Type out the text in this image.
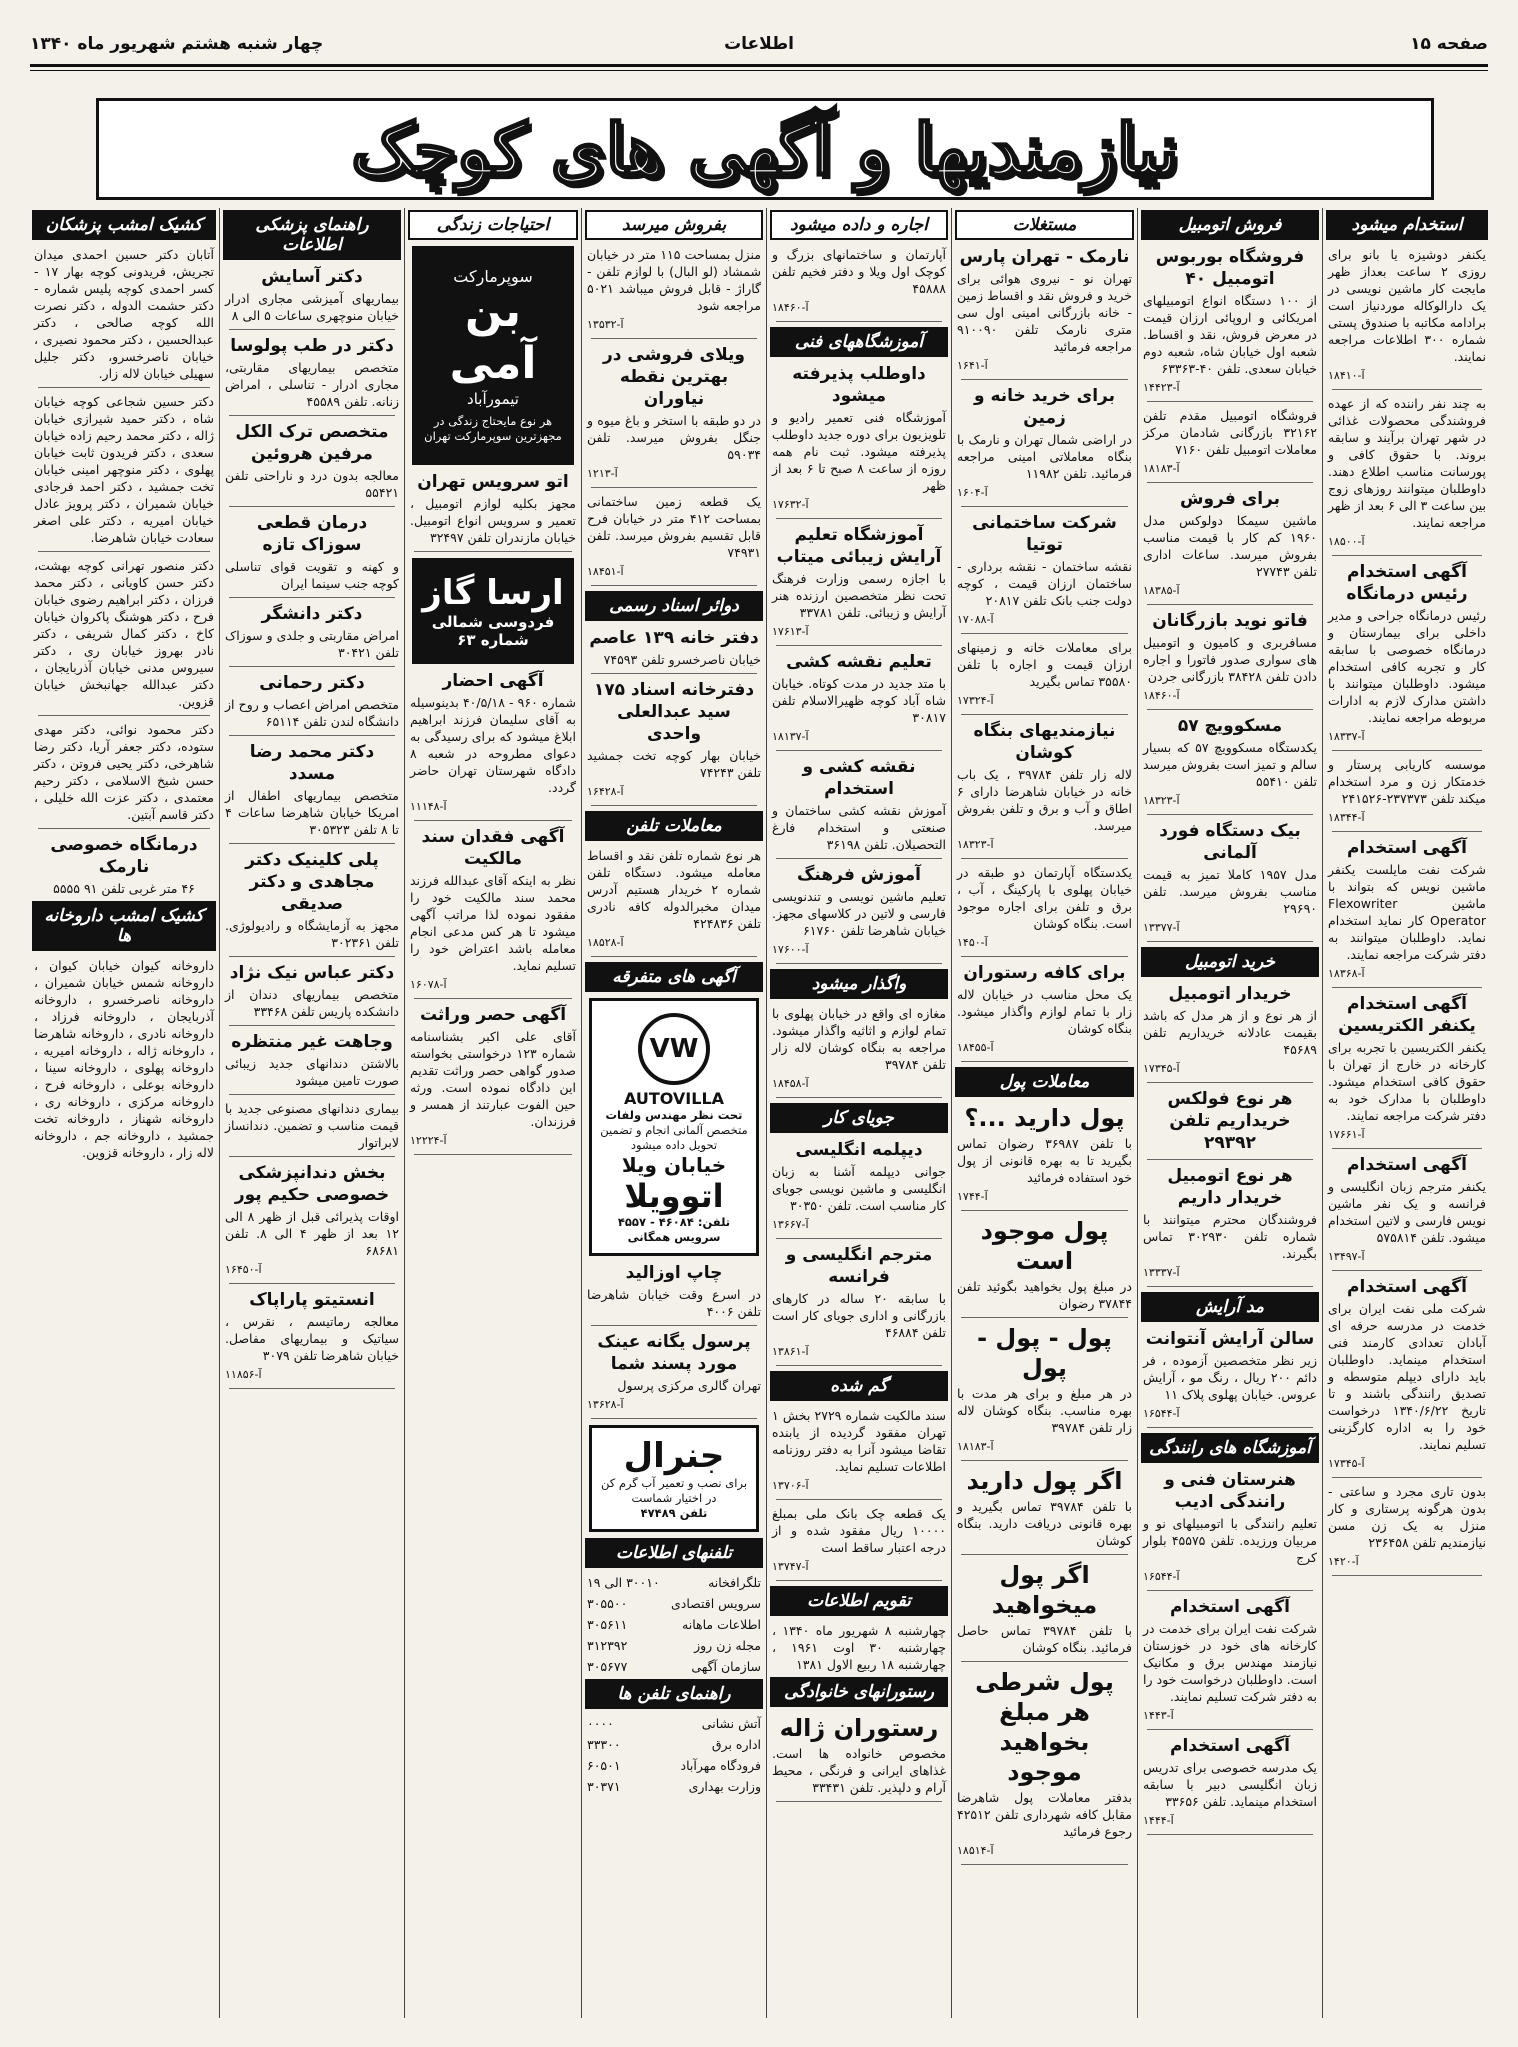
صفحه ۱۵
اطلاعات
چهار شنبه هشتم شهریور ماه ۱۳۴۰
نیازمندیها و آگهی های کوچک
استخدام میشود

یکنفر دوشیزه یا بانو برای روزی ۲ ساعت بعداز ظهر مایجت کار ماشین نویسی در یک دارالوکاله موردنیاز است برادامه مکاتبه با صندوق پستی شماره ۳۰۰ اطلاعات مراجعه نمایند.

آ-۱۸۴۱۰

به چند نفر راننده که از عهده فروشندگی محصولات غذائی در شهر تهران برآیند و سابقه بروند. با حقوق کافی و پورسانت مناسب اطلاع دهند. داوطلبان میتوانند روزهای زوج بین ساعت ۳ الی ۶ بعد از ظهر مراجعه نمایند.

آ-۱۸۵۰۰
آگهی استخدام رئیس درمانگاه

رئیس درمانگاه جراحی و مدیر داخلی برای بیمارستان و درمانگاه خصوصی با سابقه کار و تجربه کافی استخدام میشود. داوطلبان میتوانند با داشتن مدارک لازم به ادارات مربوطه مراجعه نمایند.

آ-۱۸۳۳۷

موسسه کاریابی پرستار و خدمتکار زن و مرد استخدام میکند تلفن ۲۳۷۳۷۳-۲۴۱۵۲۶

آ-۱۸۳۴۴
آگهی استخدام

شرکت نفت مایلست یکنفر ماشین نویس که بتواند با ماشین Flexowriter Operator کار نماید استخدام نماید. داوطلبان میتوانند به دفتر شرکت مراجعه نمایند.

آ-۱۸۳۶۸
آگهی استخدام یکنفر الکتریسین

یکنفر الکتریسین با تجربه برای کارخانه در خارج از تهران با حقوق کافی استخدام میشود. داوطلبان با مدارک خود به دفتر شرکت مراجعه نمایند.

آ-۱۷۶۶۱
آگهی استخدام

یکنفر مترجم زبان انگلیسی و فرانسه و یک نفر ماشین نویس فارسی و لاتین استخدام میشود. تلفن ۵۷۵۸۱۴

آ-۱۳۴۹۷
آگهی استخدام

شرکت ملی نفت ایران برای خدمت در مدرسه حرفه ای آبادان تعدادی کارمند فنی استخدام مینماید. داوطلبان باید دارای دیپلم متوسطه و تصدیق رانندگی باشند و تا تاریخ ۱۳۴۰/۶/۲۲ درخواست خود را به اداره کارگزینی تسلیم نمایند.

آ-۱۷۳۴۵

بدون تاری مجرد و ساعتی - بدون هرگونه پرستاری و کار منزل به یک زن مسن نیازمندیم تلفن ۲۳۶۴۵۸

آ-۱۴۲۰
فروش اتومبیل
فروشگاه بوربوس اتومبیل ۴۰

از ۱۰۰ دستگاه انواع اتومبیلهای امریکائی و اروپائی ارزان قیمت در معرض فروش، نقد و اقساط. شعبه اول خیابان شاه، شعبه دوم خیابان سعدی. تلفن ۴۰-۶۳۳۶۳

آ-۱۴۴۲۳

فروشگاه اتومبیل مقدم تلفن ۳۲۱۶۲ بازرگانی شادمان مرکز معاملات اتومبیل تلفن ۷۱۶۰

آ-۱۸۱۸۳
برای فروش

ماشین سیمکا دولوکس مدل ۱۹۶۰ کم کار با قیمت مناسب بفروش میرسد. ساعات اداری تلفن ۲۷۷۴۳

آ-۱۸۳۸۵
فاتو نوید بازرگانان

مسافربری و کامیون و اتومبیل های سواری صدور فاتورا و اجاره دادن تلفن ۳۸۴۲۸ بازرگانی جردن

آ-۱۸۴۶۰
مسکوویچ ۵۷

یکدستگاه مسکوویچ ۵۷ که بسیار سالم و تمیز است بفروش میرسد تلفن ۵۵۴۱۰

آ-۱۸۳۲۳
بیک دستگاه فورد آلمانی

مدل ۱۹۵۷ کاملا تمیز به قیمت مناسب بفروش میرسد. تلفن ۲۹۶۹۰

آ-۱۳۳۷۷
خرید اتومبیل
خریدار اتومبیل

از هر نوع و از هر مدل که باشد بقیمت عادلانه خریداریم تلفن ۴۵۶۸۹

آ-۱۷۳۴۵
هر نوع فولکس خریداریم تلفن ۲۹۳۹۲

هر نوع اتومبیل خریدار داریم

فروشندگان محترم میتوانند با شماره تلفن ۳۰۲۹۳۰ تماس بگیرند.

آ-۱۳۳۳۷
مد آرایش
سالن آرایش آنتوانت

زیر نظر متخصصین آزموده ، فر دائم ۲۰۰ ریال ، رنگ مو ، آرایش عروس. خیابان پهلوی پلاک ۱۱

آ-۱۶۵۴۴
آموزشگاه های رانندگی
هنرستان فنی و رانندگی ادیب

تعلیم رانندگی با اتومبیلهای نو و مربیان ورزیده. تلفن ۴۵۵۷۵ بلوار کرج

آ-۱۶۵۴۴
آگهی استخدام

شرکت نفت ایران برای خدمت در کارخانه های خود در خوزستان نیازمند مهندس برق و مکانیک است. داوطلبان درخواست خود را به دفتر شرکت تسلیم نمایند.

آ-۱۴۴۳
آگهی استخدام

یک مدرسه خصوصی برای تدریس زبان انگلیسی دبیر با سابقه استخدام مینماید. تلفن ۳۳۶۵۶

آ-۱۴۴۴
مستغلات
نارمک - تهران پارس

تهران نو - نیروی هوائی برای خرید و فروش نقد و اقساط زمین - خانه بازرگانی امینی اول سی متری نارمک تلفن ۹۱۰۰۹۰ مراجعه فرمائید

آ-۱۶۴۱
برای خرید خانه و زمین

در اراضی شمال تهران و نارمک با بنگاه معاملاتی امینی مراجعه فرمائید. تلفن ۱۱۹۸۲

آ-۱۶۰۴
شرکت ساختمانی توتیا

نقشه ساختمان - نقشه برداری - ساختمان ارزان قیمت ، کوچه دولت جنب بانک تلفن ۲۰۸۱۷

آ-۱۷۰۸۸

برای معاملات خانه و زمینهای ارزان قیمت و اجاره با تلفن ۳۵۵۸۰ تماس بگیرید

آ-۱۷۳۲۴
نیازمندیهای بنگاه کوشان

لاله زار تلفن ۳۹۷۸۴ ، یک باب خانه در خیابان شاهرضا دارای ۶ اطاق و آب و برق و تلفن بفروش میرسد.

آ-۱۸۳۲۳

یکدستگاه آپارتمان دو طبقه در خیابان پهلوی با پارکینگ ، آب ، برق و تلفن برای اجاره موجود است. بنگاه کوشان

آ-۱۴۵۰
برای کافه رستوران

یک محل مناسب در خیابان لاله زار با تمام لوازم واگذار میشود. بنگاه کوشان

آ-۱۸۴۵۵
معاملات پول
پول دارید ...؟

با تلفن ۳۶۹۸۷ رضوان تماس بگیرید تا به بهره قانونی از پول خود استفاده فرمائید

آ-۱۷۴۴
پول موجود است

در مبلغ پول بخواهید بگوئید تلفن ۳۷۸۴۴ رضوان

پول - پول - پول

در هر مبلغ و برای هر مدت با بهره مناسب. بنگاه کوشان لاله زار تلفن ۳۹۷۸۴

آ-۱۸۱۸۳
اگر پول دارید

با تلفن ۳۹۷۸۴ تماس بگیرید و بهره قانونی دریافت دارید. بنگاه کوشان

اگر پول میخواهید

با تلفن ۳۹۷۸۴ تماس حاصل فرمائید. بنگاه کوشان

پول شرطی هر مبلغ بخواهید موجود

بدفتر معاملات پول شاهرضا مقابل کافه شهرداری تلفن ۴۲۵۱۲ رجوع فرمائید

آ-۱۸۵۱۴
اجاره و داده میشود

آپارتمان و ساختمانهای بزرگ و کوچک اول ویلا و دفتر فخیم تلفن ۴۵۸۸۸

آ-۱۸۴۶۰
آموزشگاههای فنی
داوطلب پذیرفته میشود

آموزشگاه فنی تعمیر رادیو و تلویزیون برای دوره جدید داوطلب پذیرفته میشود. ثبت نام همه روزه از ساعت ۸ صبح تا ۶ بعد از ظهر

آ-۱۷۶۳۲
آموزشگاه تعلیم آرایش زیبائی میتاب

با اجازه رسمی وزارت فرهنگ تحت نظر متخصصین ارزنده هنر آرایش و زیبائی. تلفن ۳۳۷۸۱

آ-۱۷۶۱۳
تعلیم نقشه کشی

با متد جدید در مدت کوتاه. خیابان شاه آباد کوچه ظهیرالاسلام تلفن ۳۰۸۱۷

آ-۱۸۱۳۷
نقشه کشی و استخدام

آموزش نقشه کشی ساختمان و صنعتی و استخدام فارغ التحصیلان. تلفن ۳۶۱۹۸

آموزش فرهنگ

تعلیم ماشین نویسی و تندنویسی فارسی و لاتین در کلاسهای مجهز. خیابان شاهرضا تلفن ۶۱۷۶۰

آ-۱۷۶۰۰
واگذار میشود

مغازه ای واقع در خیابان پهلوی با تمام لوازم و اثاثیه واگذار میشود. مراجعه به بنگاه کوشان لاله زار تلفن ۳۹۷۸۴

آ-۱۸۴۵۸
جویای کار
دیپلمه انگلیسی

جوانی دیپلمه آشنا به زبان انگلیسی و ماشین نویسی جویای کار مناسب است. تلفن ۳۰۳۵۰

آ-۱۳۶۶۷
مترجم انگلیسی و فرانسه

با سابقه ۲۰ ساله در کارهای بازرگانی و اداری جویای کار است تلفن ۴۶۸۸۴

آ-۱۳۸۶۱
گم شده

سند مالکیت شماره ۲۷۲۹ بخش ۱ تهران مفقود گردیده از یابنده تقاضا میشود آنرا به دفتر روزنامه اطلاعات تسلیم نماید.

آ-۱۳۷۰۶

یک قطعه چک بانک ملی بمبلغ ۱۰۰۰۰ ریال مفقود شده و از درجه اعتبار ساقط است

آ-۱۳۷۴۷
تقویم اطلاعات
چهارشنبه ۸ شهریور ماه ۱۳۴۰ ، چهارشنبه ۳۰ اوت ۱۹۶۱ ، چهارشنبه ۱۸ ربیع الاول ۱۳۸۱
رستورانهای خانوادگی
رستوران ژاله

مخصوص خانواده ها است. غذاهای ایرانی و فرنگی ، محیط آرام و دلپذیر. تلفن ۳۳۴۳۱

بفروش میرسد

منزل بمساحت ۱۱۵ متر در خیابان شمشاد (لو البال) با لوازم تلفن - گاراژ - قابل فروش میباشد ۵۰۲۱ مراجعه شود

آ-۱۳۵۳۲
ویلای فروشی در بهترین نقطه نیاوران

در دو طبقه با استخر و باغ میوه و جنگل بفروش میرسد. تلفن ۵۹۰۳۴

آ-۱۲۱۳

یک قطعه زمین ساختمانی بمساحت ۴۱۲ متر در خیابان فرح قابل تقسیم بفروش میرسد. تلفن ۷۴۹۳۱

آ-۱۸۴۵۱
دوائر اسناد رسمی
دفتر خانه ۱۳۹ عاصم

خیابان ناصرخسرو تلفن ۷۴۵۹۳

دفترخانه اسناد ۱۷۵ سید عبدالعلی واحدی

خیابان بهار کوچه تخت جمشید تلفن ۷۴۲۴۳

آ-۱۶۴۲۸
معاملات تلفن

هر نوع شماره تلفن نقد و اقساط معامله میشود. دستگاه تلفن شماره ۲ خریدار هستیم آدرس میدان مخبرالدوله کافه نادری تلفن ۴۲۴۸۳۶

آ-۱۸۵۲۸
آگهی های متفرقه
VW
AUTOVILLA
تحت نظر مهندس ولفات
متخصص آلمانی انجام و تضمین تحویل داده میشود
خیابان ویلا
اتوویلا
تلفن: ۴۶۰۸۴ - ۴۵۵۷
سرویس همگانی
چاپ اوزالید

در اسرع وقت خیابان شاهرضا تلفن ۴۰۰۶

پرسول یگانه عینک مورد پسند شما

تهران گالری مرکزی پرسول

آ-۱۳۶۲۸
جنرال
برای نصب و تعمیر آب گرم کن در اختیار شماست
تلفن ۴۷۴۸۹
تلفنهای اطلاعات
تلگرافخانه
۳۰۰۱۰ الی ۱۹
سرویس اقتصادی
۳۰۵۵۰۰
اطلاعات ماهانه
۳۰۵۶۱۱
مجله زن روز
۳۱۲۳۹۲
سازمان آگهی
۳۰۵۶۷۷
راهنمای تلفن ها
آتش نشانی
۰۰۰۰
اداره برق
۳۳۳۰۰
فرودگاه مهرآباد
۶۰۵۰۱
وزارت بهداری
۳۰۳۷۱
احتیاجات زندگی
سوپرمارکت
بن آمی
تیمورآباد
هر نوع مایحتاج زندگی در مجهزترین سوپرمارکت تهران
اتو سرویس تهران

مجهز بکلیه لوازم اتومبیل ، تعمیر و سرویس انواع اتومبیل. خیابان مازندران تلفن ۳۲۴۹۷

ارسا گاز
فردوسی شمالی شماره ۶۳
آگهی احضار

شماره ۹۶۰ - ۴۰/۵/۱۸ بدینوسیله به آقای سلیمان فرزند ابراهیم ابلاغ میشود که برای رسیدگی به دعوای مطروحه در شعبه ۸ دادگاه شهرستان تهران حاضر گردد.

آ-۱۱۱۴۸
آگهی فقدان سند مالکیت

نظر به اینکه آقای عبدالله فرزند محمد سند مالکیت خود را مفقود نموده لذا مراتب آگهی میشود تا هر کس مدعی انجام معامله باشد اعتراض خود را تسلیم نماید.

آ-۱۶۰۷۸
آگهی حصر وراثت

آقای علی اکبر بشناسنامه شماره ۱۲۳ درخواستی بخواسته صدور گواهی حصر وراثت تقدیم این دادگاه نموده است. ورثه حین الفوت عبارتند از همسر و فرزندان.

آ-۱۲۲۲۴
راهنمای پزشکی اطلاعات
دکتر آسایش

بیماریهای آمیزشی مجاری ادرار خیابان منوچهری ساعات ۵ الی ۸

دکتر در طب پولوسا

متخصص بیماریهای مقاربتی، مجاری ادرار - تناسلی ، امراض زنانه. تلفن ۴۵۵۸۹

متخصص ترک الکل مرفین هروئین

معالجه بدون درد و ناراحتی تلفن ۵۵۴۲۱

درمان قطعی سوزاک تازه

و کهنه و تقویت قوای تناسلی کوچه جنب سینما ایران

دکتر دانشگر

امراض مقاربتی و جلدی و سوزاک تلفن ۳۰۴۲۱

دکتر رحمانی

متخصص امراض اعصاب و روح از دانشگاه لندن تلفن ۶۵۱۱۴

دکتر محمد رضا مسدد

متخصص بیماریهای اطفال از امریکا خیابان شاهرضا ساعات ۴ تا ۸ تلفن ۳۰۵۳۲۳

پلی کلینیک دکتر مجاهدی و دکتر صدیقی

مجهز به آزمایشگاه و رادیولوژی. تلفن ۳۰۲۳۶۱

دکتر عباس نیک نژاد

متخصص بیماریهای دندان از دانشکده پاریس تلفن ۳۳۴۶۸

وجاهت غیر منتظره

بالاشتن دندانهای جدید زیبائی صورت تامین میشود

بیماری دندانهای مصنوعی جدید با قیمت مناسب و تضمین. دندانساز لابراتوار

بخش دندانپزشکی خصوصی حکیم پور

اوقات پذیرائی قبل از ظهر ۸ الی ۱۲ بعد از ظهر ۴ الی ۸. تلفن ۶۸۶۸۱

آ-۱۶۴۵۰
انستیتو پاراپاک

معالجه رماتیسم ، نقرس ، سیاتیک و بیماریهای مفاصل. خیابان شاهرضا تلفن ۳۰۷۹

آ-۱۱۸۵۶
کشیک امشب پزشکان

آتابان دکتر حسین احمدی میدان تجریش، فریدونی کوچه بهار ۱۷ - کسر احمدی کوچه پلیس شماره - دکتر حشمت الدوله ، دکتر نصرت الله کوچه صالحی ، دکتر عبدالحسین ، دکتر محمود نصیری ، خیابان ناصرخسرو، دکتر جلیل سهیلی خیابان لاله زار.

دکتر حسین شجاعی کوچه خیابان شاه ، دکتر حمید شیرازی خیابان ژاله ، دکتر محمد رحیم زاده خیابان سعدی ، دکتر فریدون ثابت خیابان پهلوی ، دکتر منوچهر امینی خیابان تخت جمشید ، دکتر احمد فرجادی خیابان شمیران ، دکتر پرویز عادل خیابان امیریه ، دکتر علی اصغر سعادت خیابان شاهرضا.

دکتر منصور تهرانی کوچه بهشت، دکتر حسن کاویانی ، دکتر محمد فرزان ، دکتر ابراهیم رضوی خیابان فرح ، دکتر هوشنگ پاکروان خیابان کاخ ، دکتر کمال شریفی ، دکتر نادر بهروز خیابان ری ، دکتر سیروس مدنی خیابان آذربایجان ، دکتر عبدالله جهانبخش خیابان قزوین.

دکتر محمود نوائی، دکتر مهدی ستوده، دکتر جعفر آریا، دکتر رضا شاهرخی، دکتر یحیی فروتن ، دکتر حسن شیخ الاسلامی ، دکتر رحیم معتمدی ، دکتر عزت الله خلیلی ، دکتر قاسم آبتین.

درمانگاه خصوصی نارمک
۴۶ متر غربی تلفن ۹۱ ۵۵۵۵
کشیک امشب داروخانه ها
داروخانه کیوان خیابان کیوان ، داروخانه شمس خیابان شمیران ، داروخانه ناصرخسرو ، داروخانه آذربایجان ، داروخانه فرزاد ، داروخانه نادری ، داروخانه شاهرضا ، داروخانه ژاله ، داروخانه امیریه ، داروخانه پهلوی ، داروخانه سینا ، داروخانه بوعلی ، داروخانه فرح ، داروخانه مرکزی ، داروخانه ری ، داروخانه شهناز ، داروخانه تخت جمشید ، داروخانه جم ، داروخانه لاله زار ، داروخانه قزوین.
